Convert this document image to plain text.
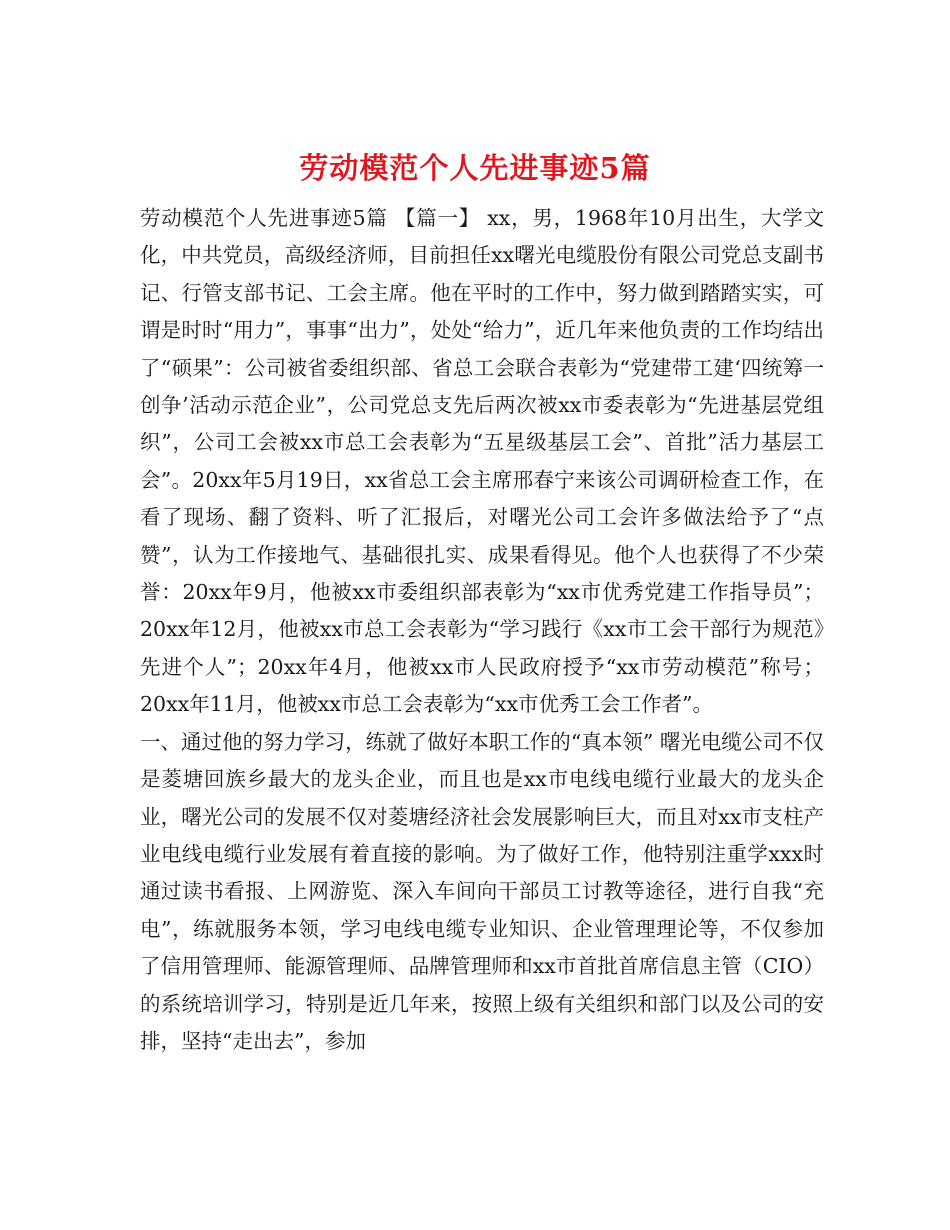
劳动模范个人先进事迹5篇

劳动模范个人先进事迹5篇 【篇一】 xx，男，1968年10月出生，大学文化，中共党员，高级经济师，目前担任xx曙光电缆股份有限公司党总支副书记、行管支部书记、工会主席。他在平时的工作中，努力做到踏踏实实，可谓是时时“用力”，事事“出力”，处处“给力”，近几年来他负责的工作均结出了“硕果”：公司被省委组织部、省总工会联合表彰为“党建带工建‘四统筹一创争’活动示范企业”，公司党总支先后两次被xx市委表彰为“先进基层党组织”，公司工会被xx市总工会表彰为“五星级基层工会”、首批”活力基层工会”。20xx年5月19日，xx省总工会主席邢春宁来该公司调研检查工作，在看了现场、翻了资料、听了汇报后，对曙光公司工会许多做法给予了“点赞”，认为工作接地气、基础很扎实、成果看得见。他个人也获得了不少荣誉：20xx年9月，他被xx市委组织部表彰为“xx市优秀党建工作指导员”；20xx年12月，他被xx市总工会表彰为“学习践行《xx市工会干部行为规范》先进个人”；20xx年4月，他被xx市人民政府授予“xx市劳动模范”称号；20xx年11月，他被xx市总工会表彰为“xx市优秀工会工作者”。

一、通过他的努力学习，练就了做好本职工作的“真本领” 曙光电缆公司不仅是菱塘回族乡最大的龙头企业，而且也是xx市电线电缆行业最大的龙头企业，曙光公司的发展不仅对菱塘经济社会发展影响巨大，而且对xx市支柱产业电线电缆行业发展有着直接的影响。为了做好工作，他特别注重学xxx时通过读书看报、上网游览、深入车间向干部员工讨教等途径，进行自我“充电”，练就服务本领，学习电线电缆专业知识、企业管理理论等，不仅参加了信用管理师、能源管理师、品牌管理师和xx市首批首席信息主管（CIO）的系统培训学习，特别是近几年来，按照上级有关组织和部门以及公司的安排，坚持“走出去”，参加
